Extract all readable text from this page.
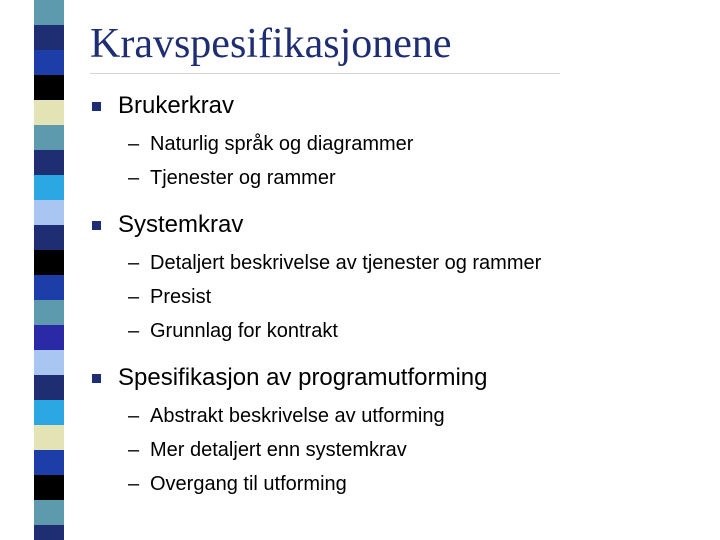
Kravspesifikasjonene
Brukerkrav
– Naturlig språk og diagrammer
– Tjenester og rammer
Systemkrav
– Detaljert beskrivelse av tjenester og rammer
– Presist
– Grunnlag for kontrakt
Spesifikasjon av programutforming
– Abstrakt beskrivelse av utforming
– Mer detaljert enn systemkrav
– Overgang til utforming
